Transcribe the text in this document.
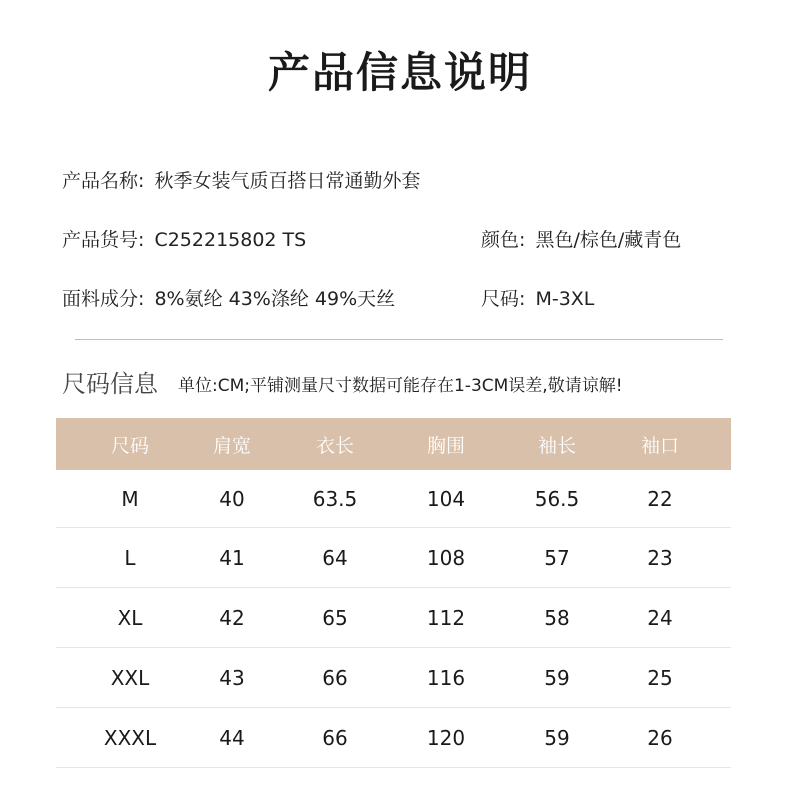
产品信息说明
产品名称: 秋季女装气质百搭日常通勤外套
产品货号: C252215802 TS	颜色: 黑色/棕色/藏青色
面料成分: 8%氨纶 43%涤纶 49%天丝	尺码: M-3XL
尺码信息 单位:CM;平铺测量尺寸数据可能存在1-3CM误差,敬请谅解!
尺码	肩宽	衣长	胸围	袖长	袖口
M	40	63.5	104	56.5	22
L	41	64	108	57	23
XL	42	65	112	58	24
XXL	43	66	116	59	25
XXXL	44	66	120	59	26
